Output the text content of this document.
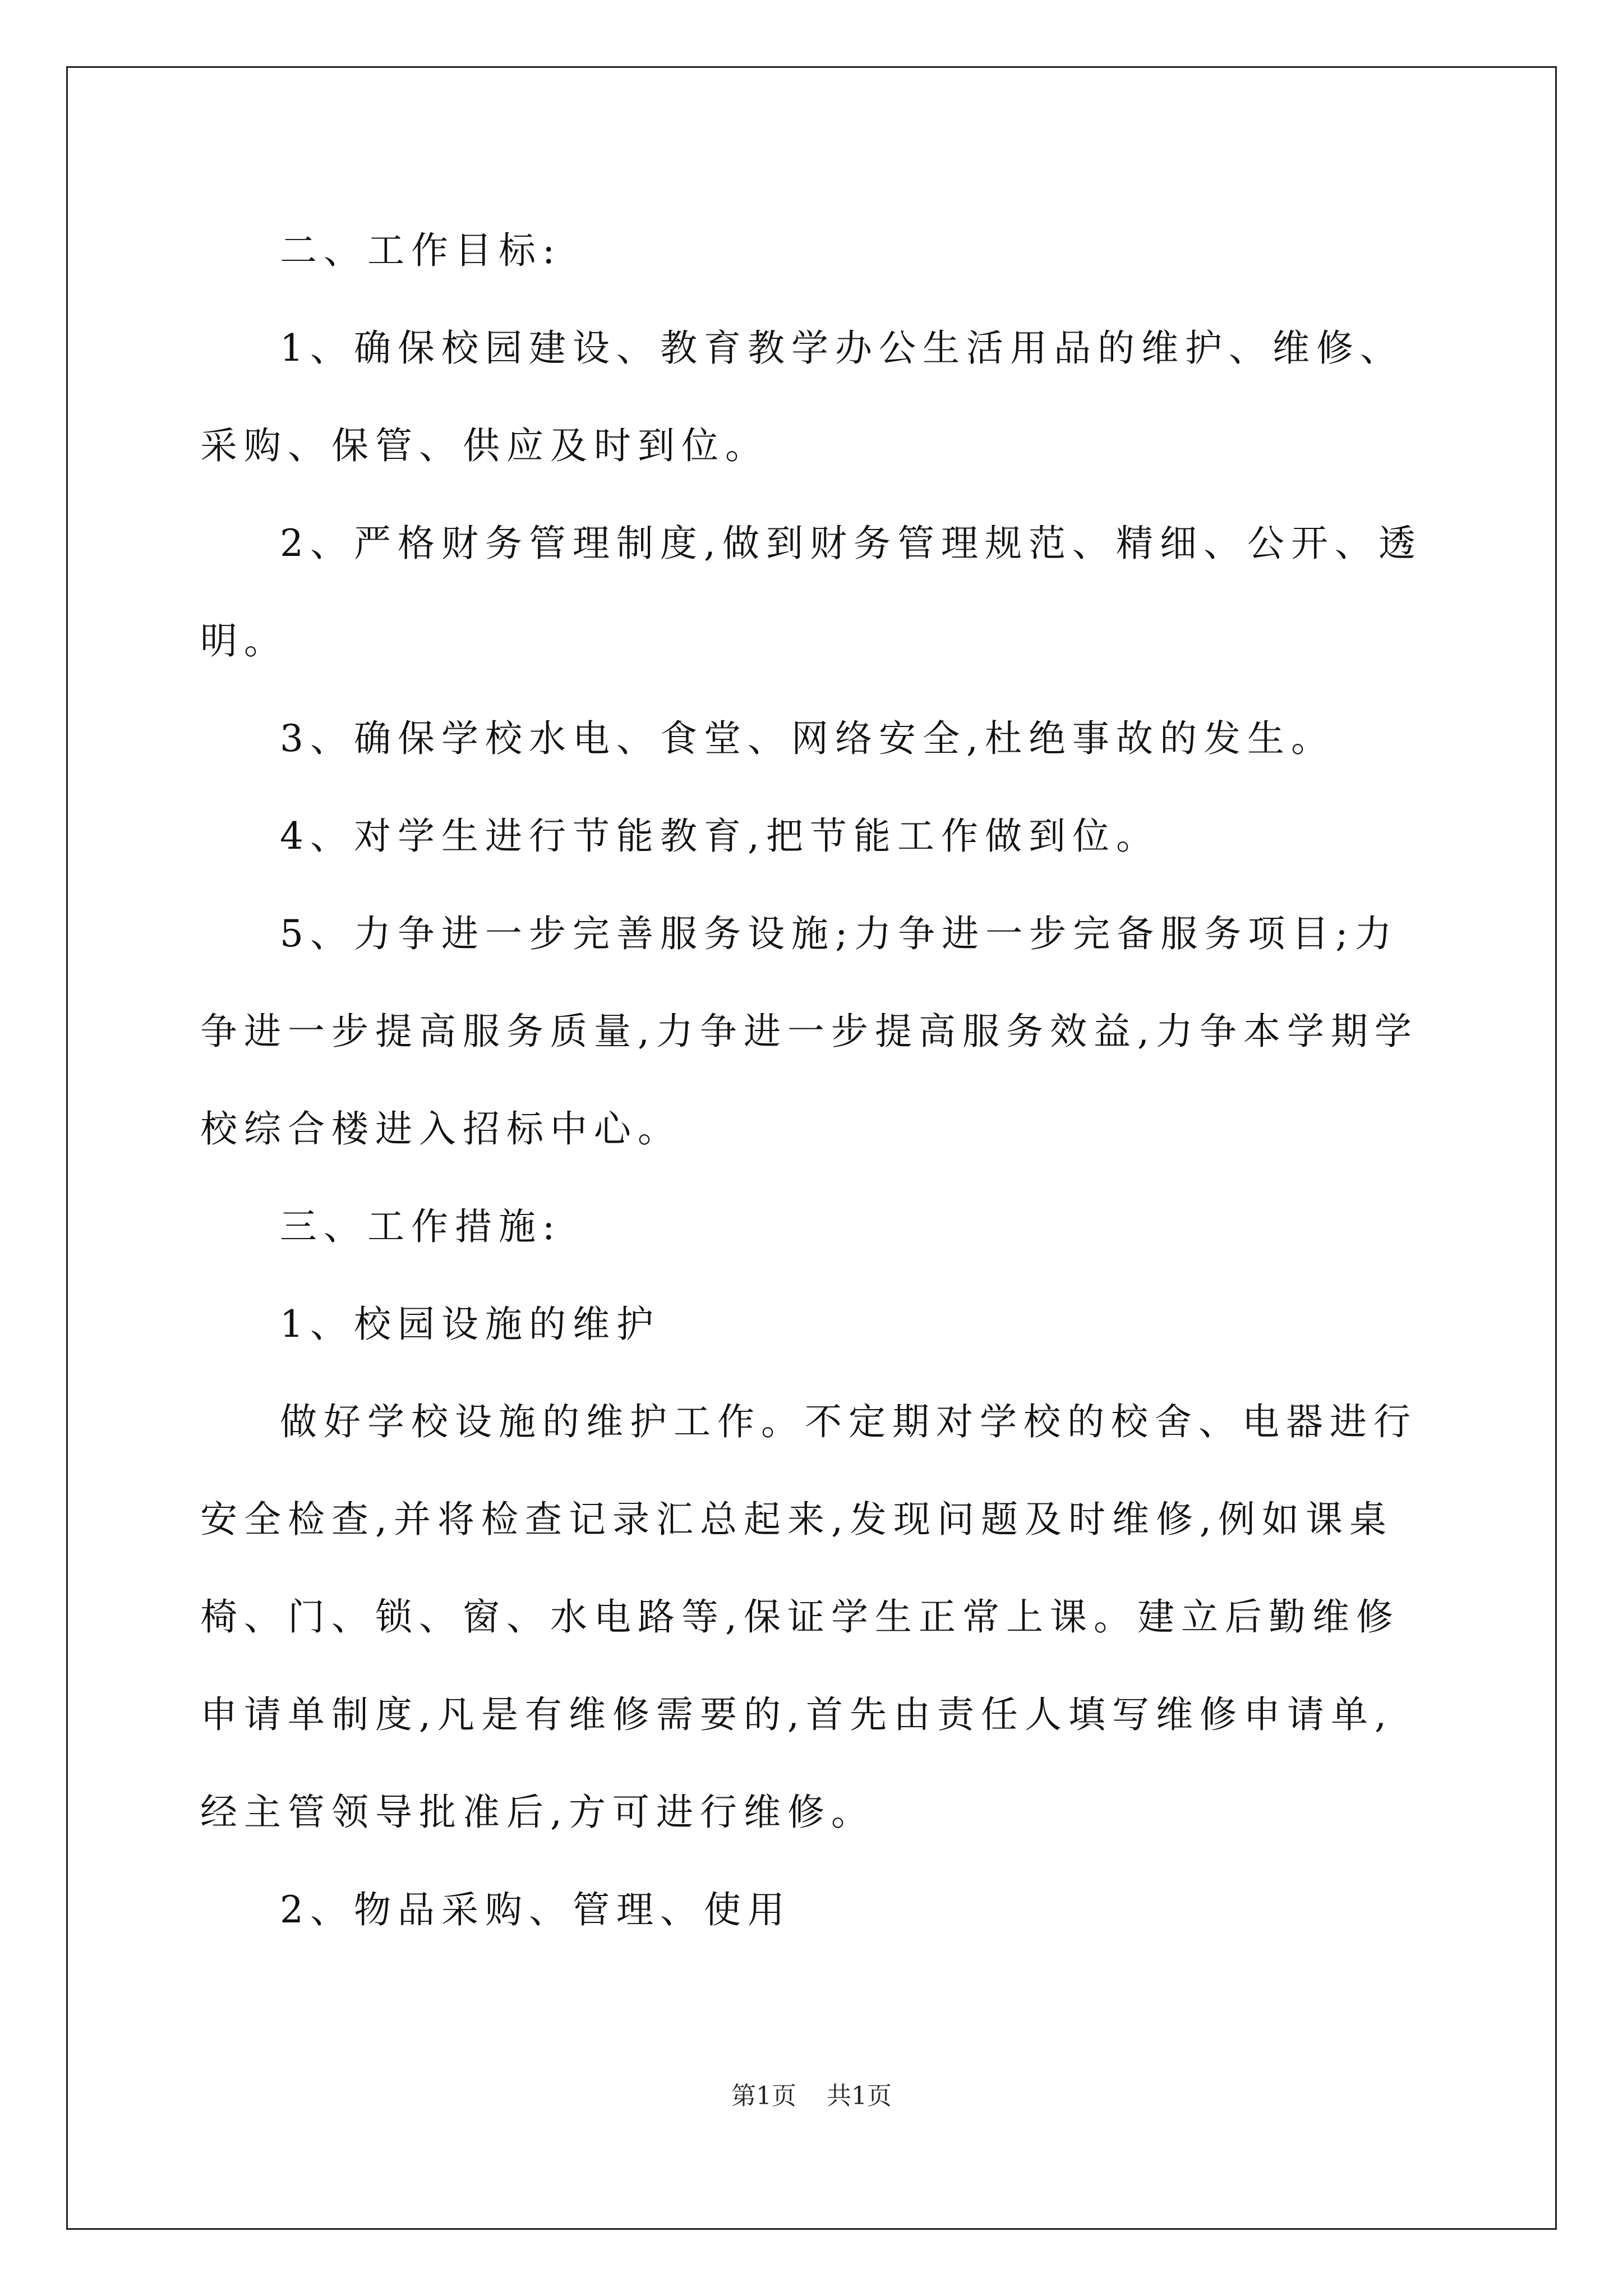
二、工作目标:

1、确保校园建设、教育教学办公生活用品的维护、维修、采购、保管、供应及时到位。

2、严格财务管理制度,做到财务管理规范、精细、公开、透明。

3、确保学校水电、食堂、网络安全,杜绝事故的发生。

4、对学生进行节能教育,把节能工作做到位。

5、力争进一步完善服务设施;力争进一步完备服务项目;力争进一步提高服务质量,力争进一步提高服务效益,力争本学期学校综合楼进入招标中心。

三、工作措施:

1、校园设施的维护

做好学校设施的维护工作。不定期对学校的校舍、电器进行安全检查,并将检查记录汇总起来,发现问题及时维修,例如课桌椅、门、锁、窗、水电路等,保证学生正常上课。建立后勤维修申请单制度,凡是有维修需要的,首先由责任人填写维修申请单,经主管领导批准后,方可进行维修。

2、物品采购、管理、使用

第1页 共1页
